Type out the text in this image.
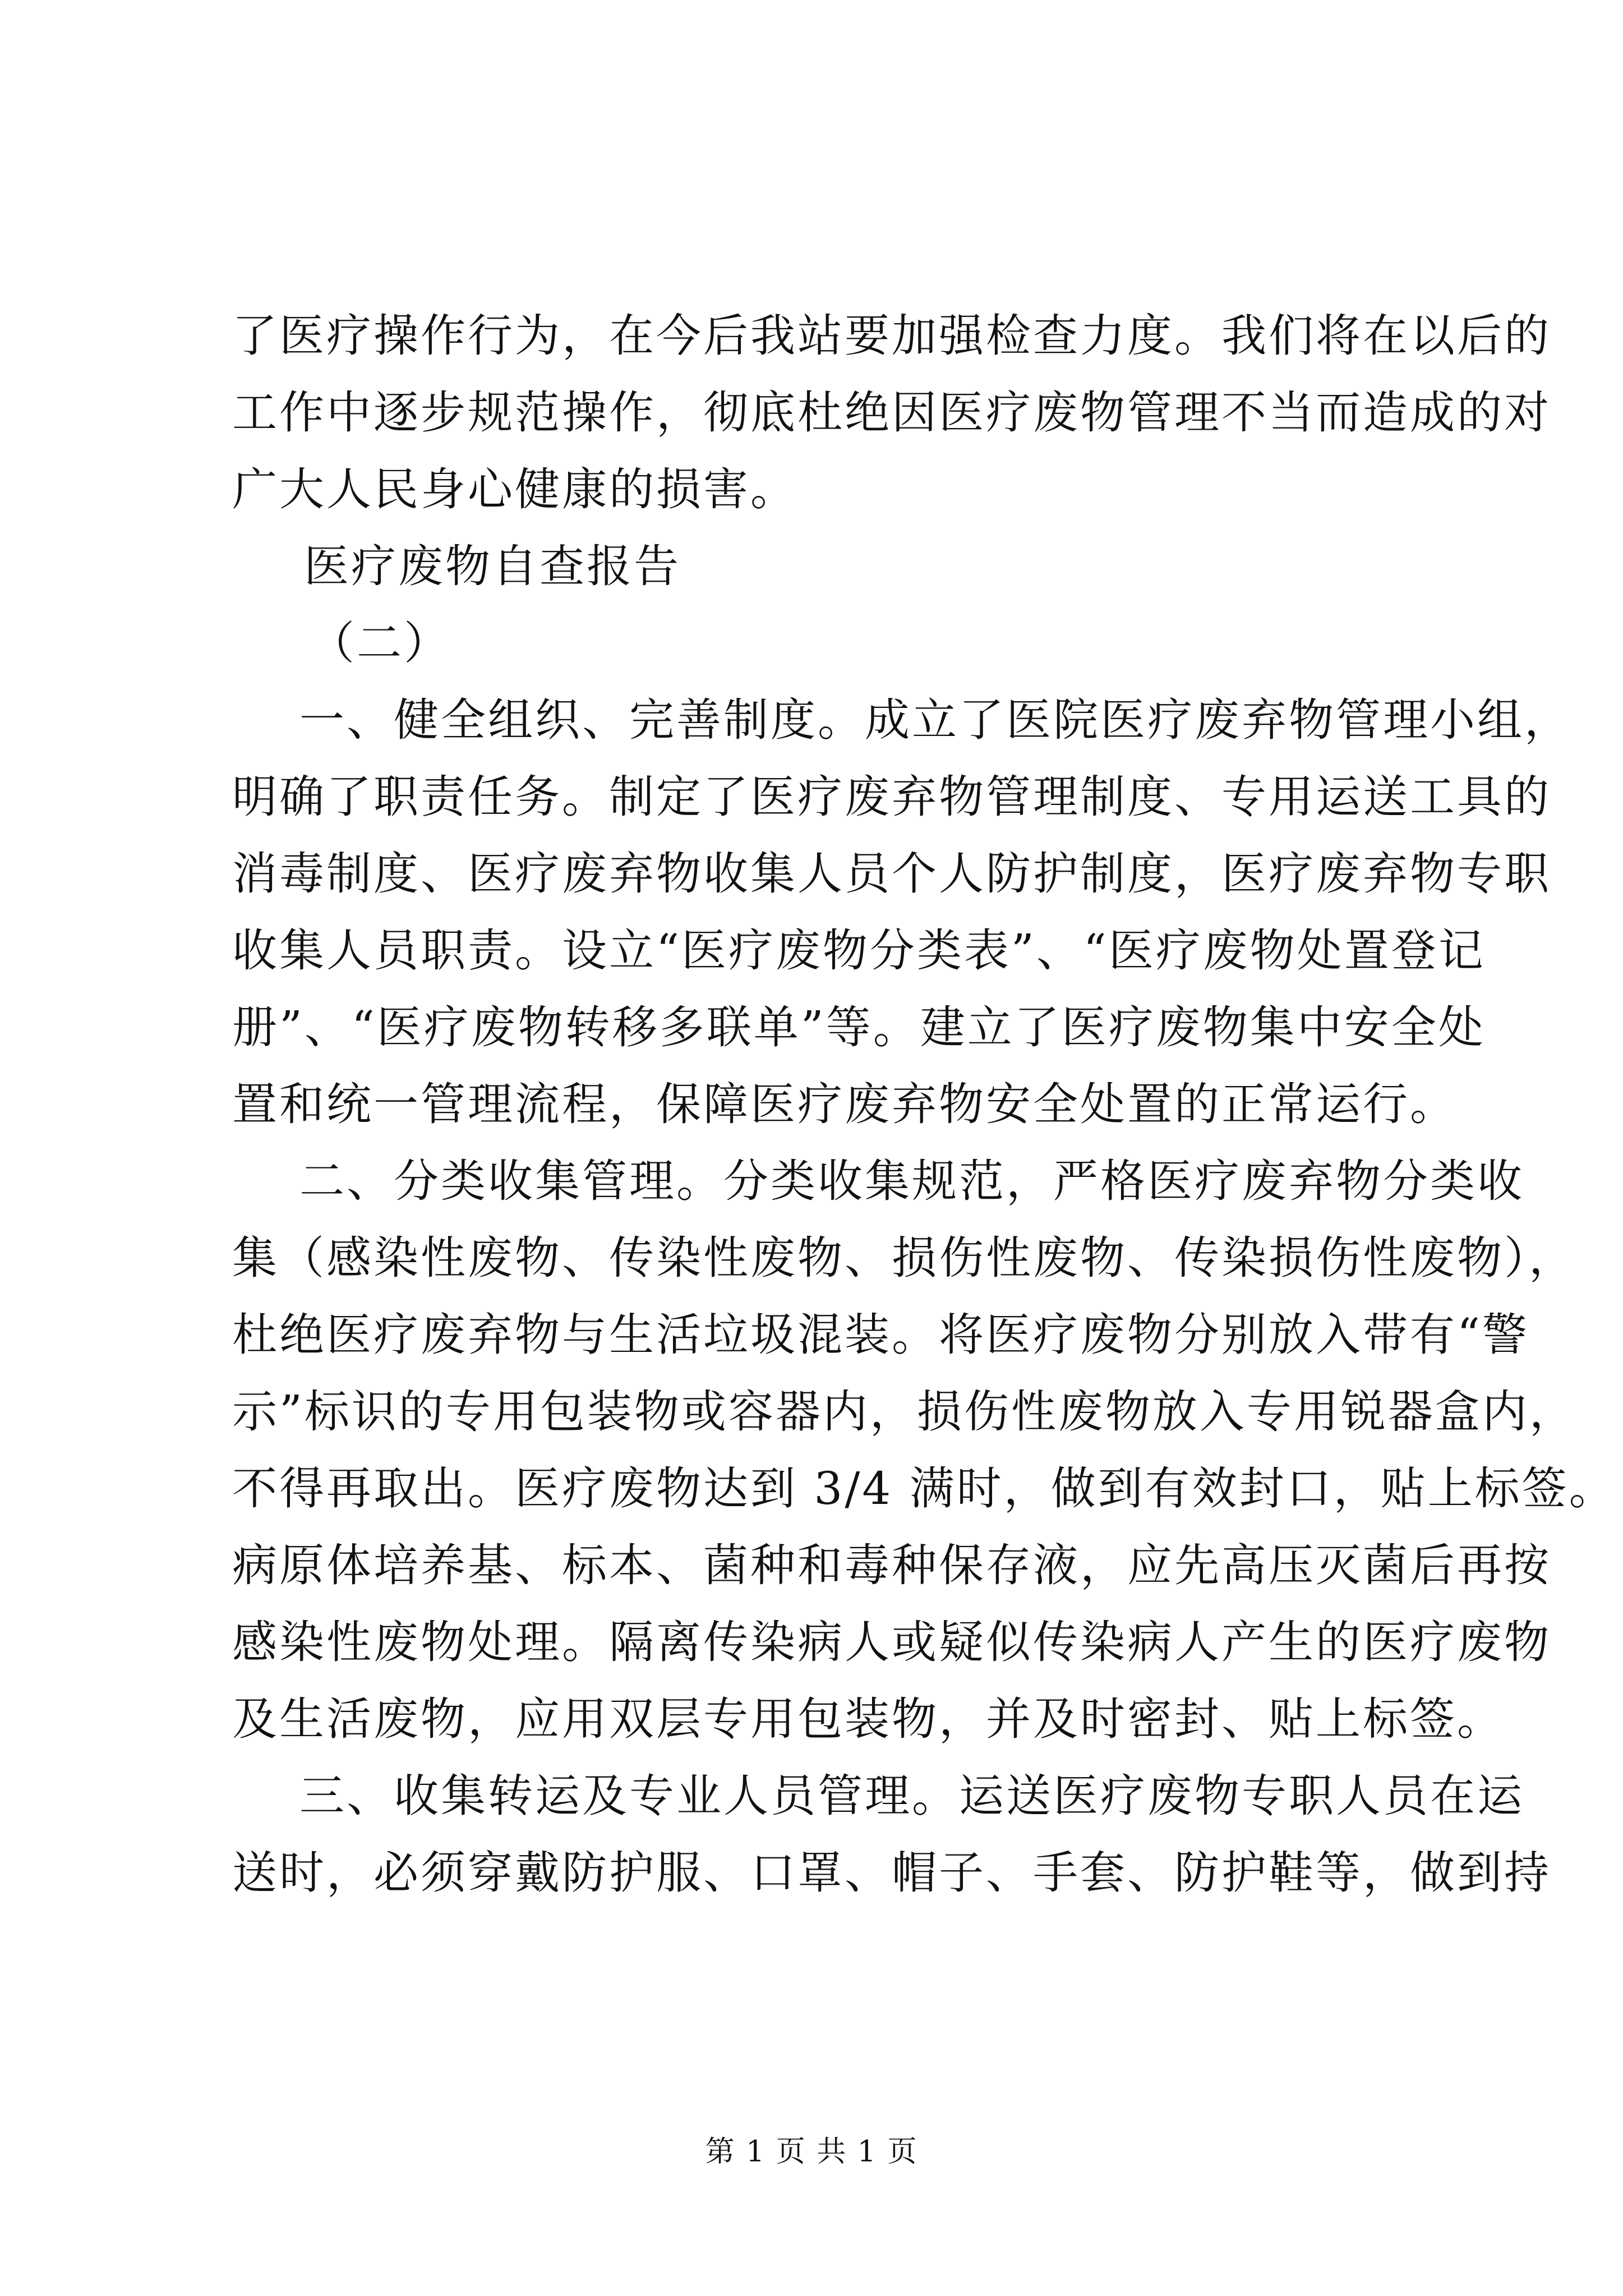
了医疗操作行为，在今后我站要加强检查力度。我们将在以后的
工作中逐步规范操作，彻底杜绝因医疗废物管理不当而造成的对
广大人民身心健康的损害。
医疗废物自查报告
（二）
一、健全组织、完善制度。成立了医院医疗废弃物管理小组，
明确了职责任务。制定了医疗废弃物管理制度、专用运送工具的
消毒制度、医疗废弃物收集人员个人防护制度，医疗废弃物专职
收集人员职责。设立“医疗废物分类表”、“医疗废物处置登记
册”、“医疗废物转移多联单”等。建立了医疗废物集中安全处
置和统一管理流程，保障医疗废弃物安全处置的正常运行。
二、分类收集管理。分类收集规范，严格医疗废弃物分类收
集（感染性废物、传染性废物、损伤性废物、传染损伤性废物），
杜绝医疗废弃物与生活垃圾混装。将医疗废物分别放入带有“警
示”标识的专用包装物或容器内，损伤性废物放入专用锐器盒内，
不得再取出。医疗废物达到 3/4 满时，做到有效封口，贴上标签。
病原体培养基、标本、菌种和毒种保存液，应先高压灭菌后再按
感染性废物处理。隔离传染病人或疑似传染病人产生的医疗废物
及生活废物，应用双层专用包装物，并及时密封、贴上标签。
三、收集转运及专业人员管理。运送医疗废物专职人员在运
送时，必须穿戴防护服、口罩、帽子、手套、防护鞋等，做到持
第 1 页 共 1 页
